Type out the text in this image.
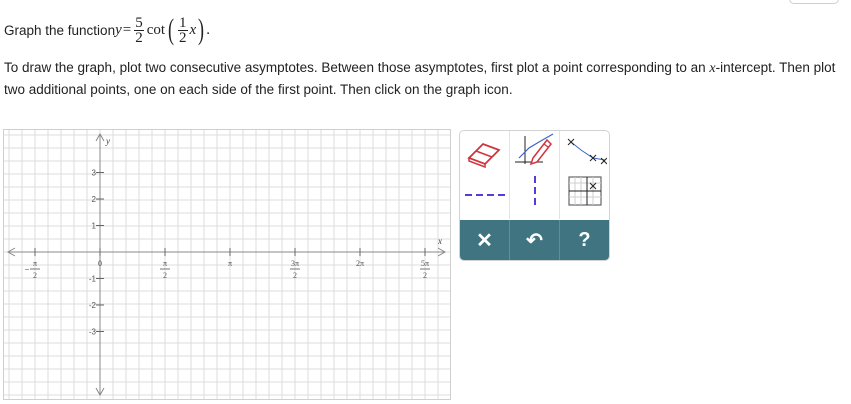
Graph the function $y = \frac{5}{2}$ cot ( $\frac{1}{2}$ x ) .
To draw the graph, plot two consecutive asymptotes. Between those asymptotes, first plot a point corresponding to an x-intercept. Then plot two additional points, one on each side of the first point. Then click on the graph icon.
x
y
3
2
1
-1
-2
-3
−
π
2
0	π
2
π	3π
2
2π	5π
2
✕ ↶ ?
